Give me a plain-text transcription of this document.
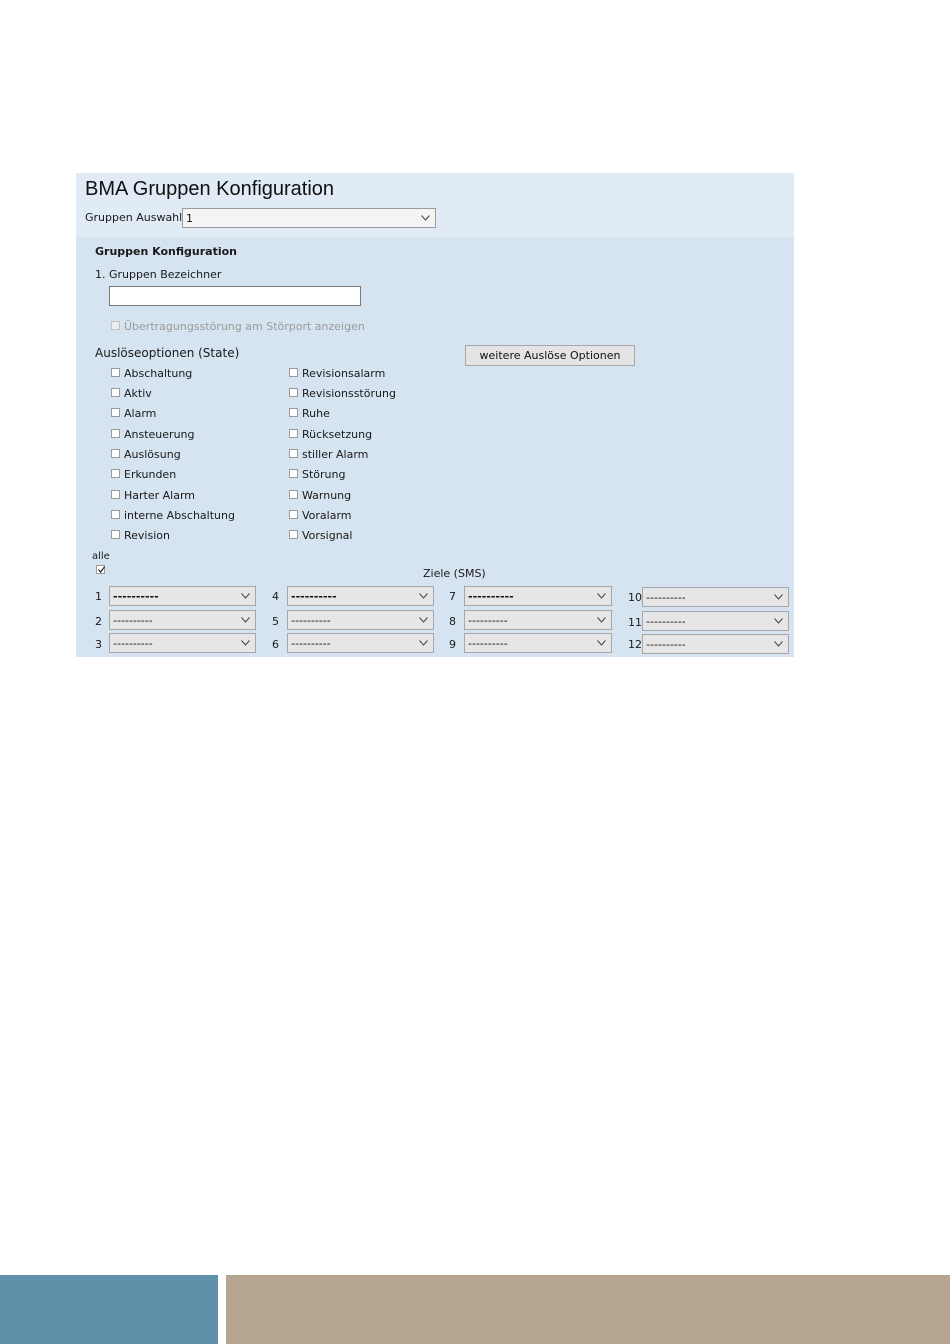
BMA Gruppen Konfiguration
Gruppen Auswahl 1
Gruppen Konfiguration
1. Gruppen Bezeichner
Übertragungsstörung am Störport anzeigen
Auslöseoptionen (State)	weitere Auslöse Optionen
Abschaltung
Aktiv
Alarm
Ansteuerung
Auslösung
Erkunden
Harter Alarm
interne Abschaltung
Revision
Revisionsalarm
Revisionsstörung
Ruhe
Rücksetzung
stiller Alarm
Störung
Warnung
Voralarm
Vorsignal
alle
Ziele (SMS)
1 ----------
2 ----------
3 ----------
4 ----------
5 ----------
6 ----------
7 ----------
8 ----------
9 ----------
10 ----------
11 ----------
12 ----------
